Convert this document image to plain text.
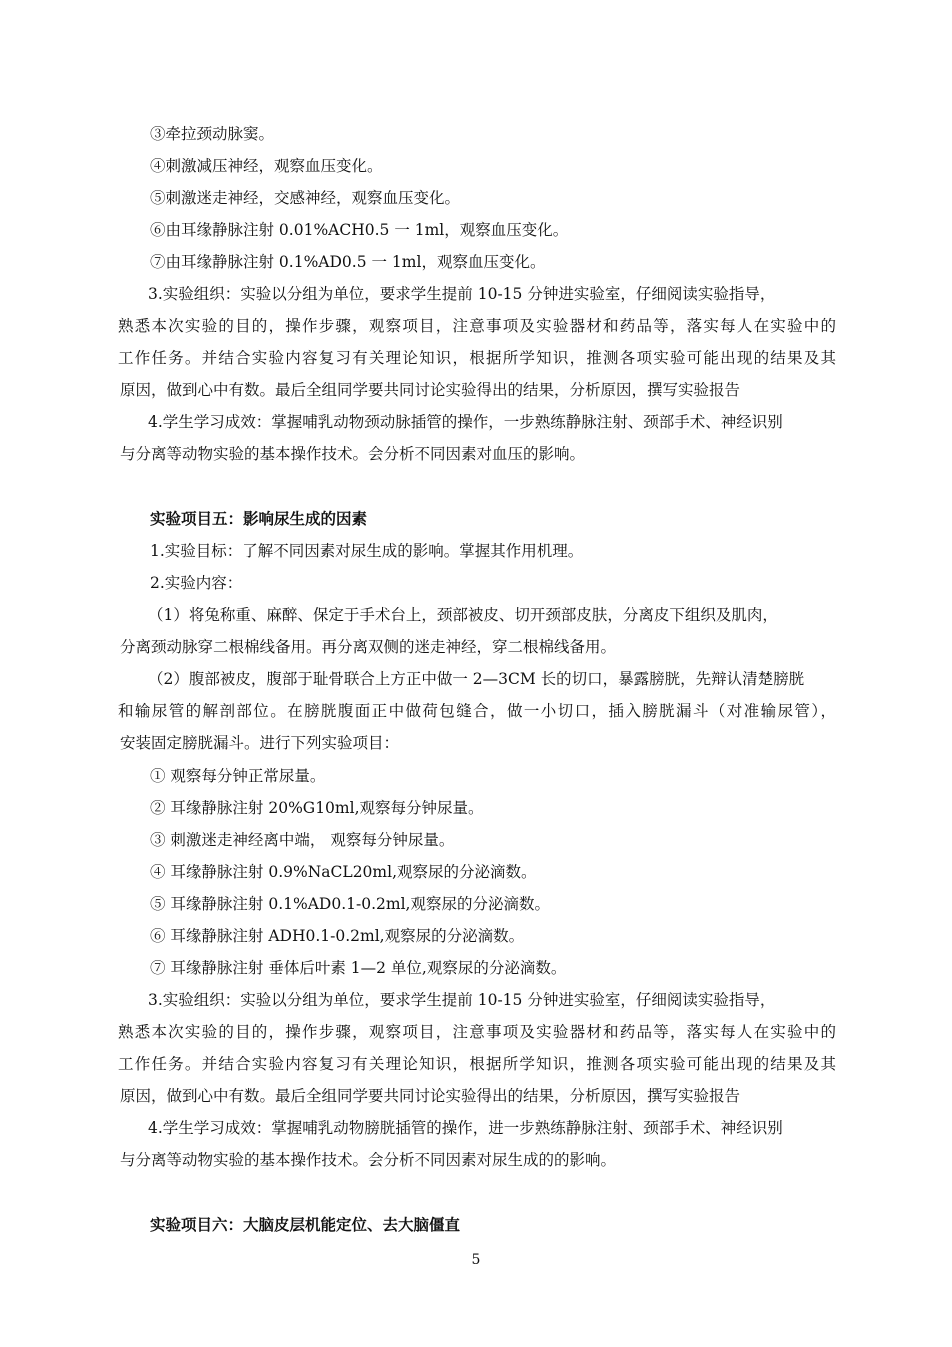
③牵拉颈动脉窦。
④刺激减压神经，观察血压变化。
⑤刺激迷走神经，交感神经，观察血压变化。
⑥由耳缘静脉注射 0.01%ACH0.5 一 1ml，观察血压变化。
⑦由耳缘静脉注射 0.1%AD0.5 一 1ml，观察血压变化。
3.实验组织：实验以分组为单位，要求学生提前 10-15 分钟进实验室，仔细阅读实验指导，
熟悉本次实验的目的，操作步骤，观察项目，注意事项及实验器材和药品等，落实每人在实验中的
工作任务。并结合实验内容复习有关理论知识，根据所学知识，推测各项实验可能出现的结果及其
原因，做到心中有数。最后全组同学要共同讨论实验得出的结果，分析原因，撰写实验报告
4.学生学习成效：掌握哺乳动物颈动脉插管的操作，一步熟练静脉注射、颈部手术、神经识别
与分离等动物实验的基本操作技术。会分析不同因素对血压的影响。
实验项目五：影响尿生成的因素
1.实验目标：了解不同因素对尿生成的影响。掌握其作用机理。
2.实验内容：
（1）将兔称重、麻醉、保定于手术台上，颈部被皮、切开颈部皮肤，分离皮下组织及肌肉，
分离颈动脉穿二根棉线备用。再分离双侧的迷走神经，穿二根棉线备用。
（2）腹部被皮，腹部于耻骨联合上方正中做一 2—3CM 长的切口，暴露膀胱，先辩认清楚膀胱
和输尿管的解剖部位。在膀胱腹面正中做荷包缝合，做一小切口，插入膀胱漏斗（对准输尿管），
安装固定膀胱漏斗。进行下列实验项目：
① 观察每分钟正常尿量。
② 耳缘静脉注射 20%G10ml,观察每分钟尿量。
③ 刺激迷走神经离中端， 观察每分钟尿量。
④ 耳缘静脉注射 0.9%NaCL20ml,观察尿的分泌滴数。
⑤ 耳缘静脉注射 0.1%AD0.1-0.2ml,观察尿的分泌滴数。
⑥ 耳缘静脉注射 ADH0.1-0.2ml,观察尿的分泌滴数。
⑦ 耳缘静脉注射 垂体后叶素 1—2 单位,观察尿的分泌滴数。
3.实验组织：实验以分组为单位，要求学生提前 10-15 分钟进实验室，仔细阅读实验指导，
熟悉本次实验的目的，操作步骤，观察项目，注意事项及实验器材和药品等，落实每人在实验中的
工作任务。并结合实验内容复习有关理论知识，根据所学知识，推测各项实验可能出现的结果及其
原因，做到心中有数。最后全组同学要共同讨论实验得出的结果，分析原因，撰写实验报告
4.学生学习成效：掌握哺乳动物膀胱插管的操作，进一步熟练静脉注射、颈部手术、神经识别
与分离等动物实验的基本操作技术。会分析不同因素对尿生成的的影响。
实验项目六：大脑皮层机能定位、去大脑僵直
5
